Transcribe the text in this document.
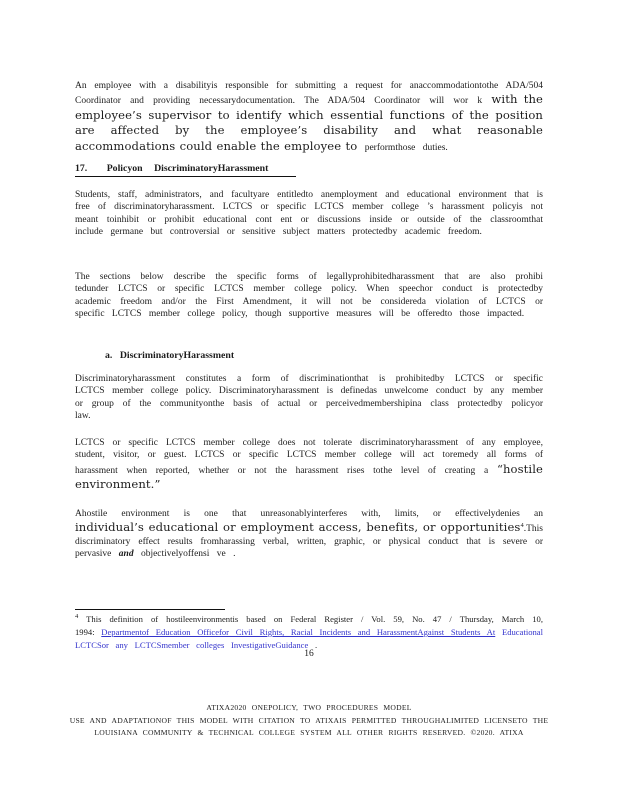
An employee with a disabilityis responsible for submitting a request for anaccommodationtothe ADA/504 Coordinator and providing necessarydocumentation. The ADA/504 Coordinator will wor k with the employee’s supervisor to identify which essential functions of the position are affected by the employee’s disability and what reasonable accommodations could enable the employee to performthose duties.

17. Policyon DiscriminatoryHarassment

Students, staff, administrators, and facultyare entitledto anemployment and educational environment that is free of discriminatoryharassment. LCTCS or specific LCTCS member college ’s harassment policyis not meant toinhibit or prohibit educational cont ent or discussions inside or outside of the classroomthat include germane but controversial or sensitive subject matters protectedby academic freedom.

The sections below describe the specific forms of legallyprohibitedharassment that are also prohibi tedunder LCTCS or specific LCTCS member college policy. When speechor conduct is protectedby academic freedom and/or the First Amendment, it will not be considereda violation of LCTCS or specific LCTCS member college policy, though supportive measures will be offeredto those impacted.

a. DiscriminatoryHarassment

Discriminatoryharassment constitutes a form of discriminationthat is prohibitedby LCTCS or specific LCTCS member college policy. Discriminatoryharassment is definedas unwelcome conduct by any member or group of the communityonthe basis of actual or perceivedmembershipina class protectedby policyor law.

LCTCS or specific LCTCS member college does not tolerate discriminatoryharassment of any employee, student, visitor, or guest. LCTCS or specific LCTCS member college will act toremedy all forms of harassment when reported, whether or not the harassment rises tothe level of creating a “hostile environment.”

Ahostile environment is one that unreasonablyinterferes with, limits, or effectivelydenies an individual’s educational or employment access, benefits, or opportunities$^4$.This discriminatory effect results fromharassing verbal, written, graphic, or physical conduct that is severe or pervasive and objectivelyoffensi ve .

$^4$ This definition of hostileenvironmentis based on Federal Register / Vol. 59, No. 47 / Thursday, March 10, 1994: Departmentof Education Officefor Civil Rights, Racial Incidents and HarassmentAgainst Students At Educational LCTCSor any LCTCSmember colleges InvestigativeGuidance .

16
ATIXA2020 ONEPOLICY, TWO PROCEDURES MODEL
USE AND ADAPTATIONOF THIS MODEL WITH CITATION TO ATIXAIS PERMITTED THROUGHALIMITED LICENSETO THE
LOUISIANA COMMUNITY & TECHNICAL COLLEGE SYSTEM ALL OTHER RIGHTS RESERVED. ©2020. ATIXA
